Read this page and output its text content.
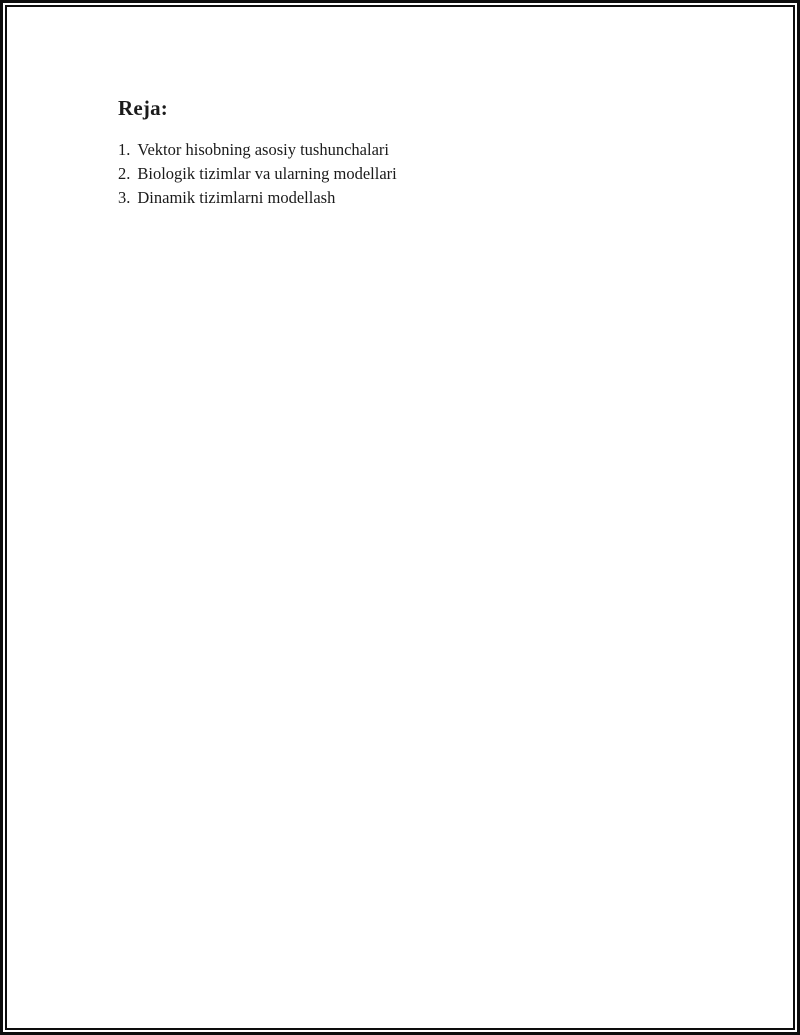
Reja:
1. Vektor hisobning asosiy tushunchalari
2. Biologik tizimlar va ularning modellari
3. Dinamik tizimlarni modellash
